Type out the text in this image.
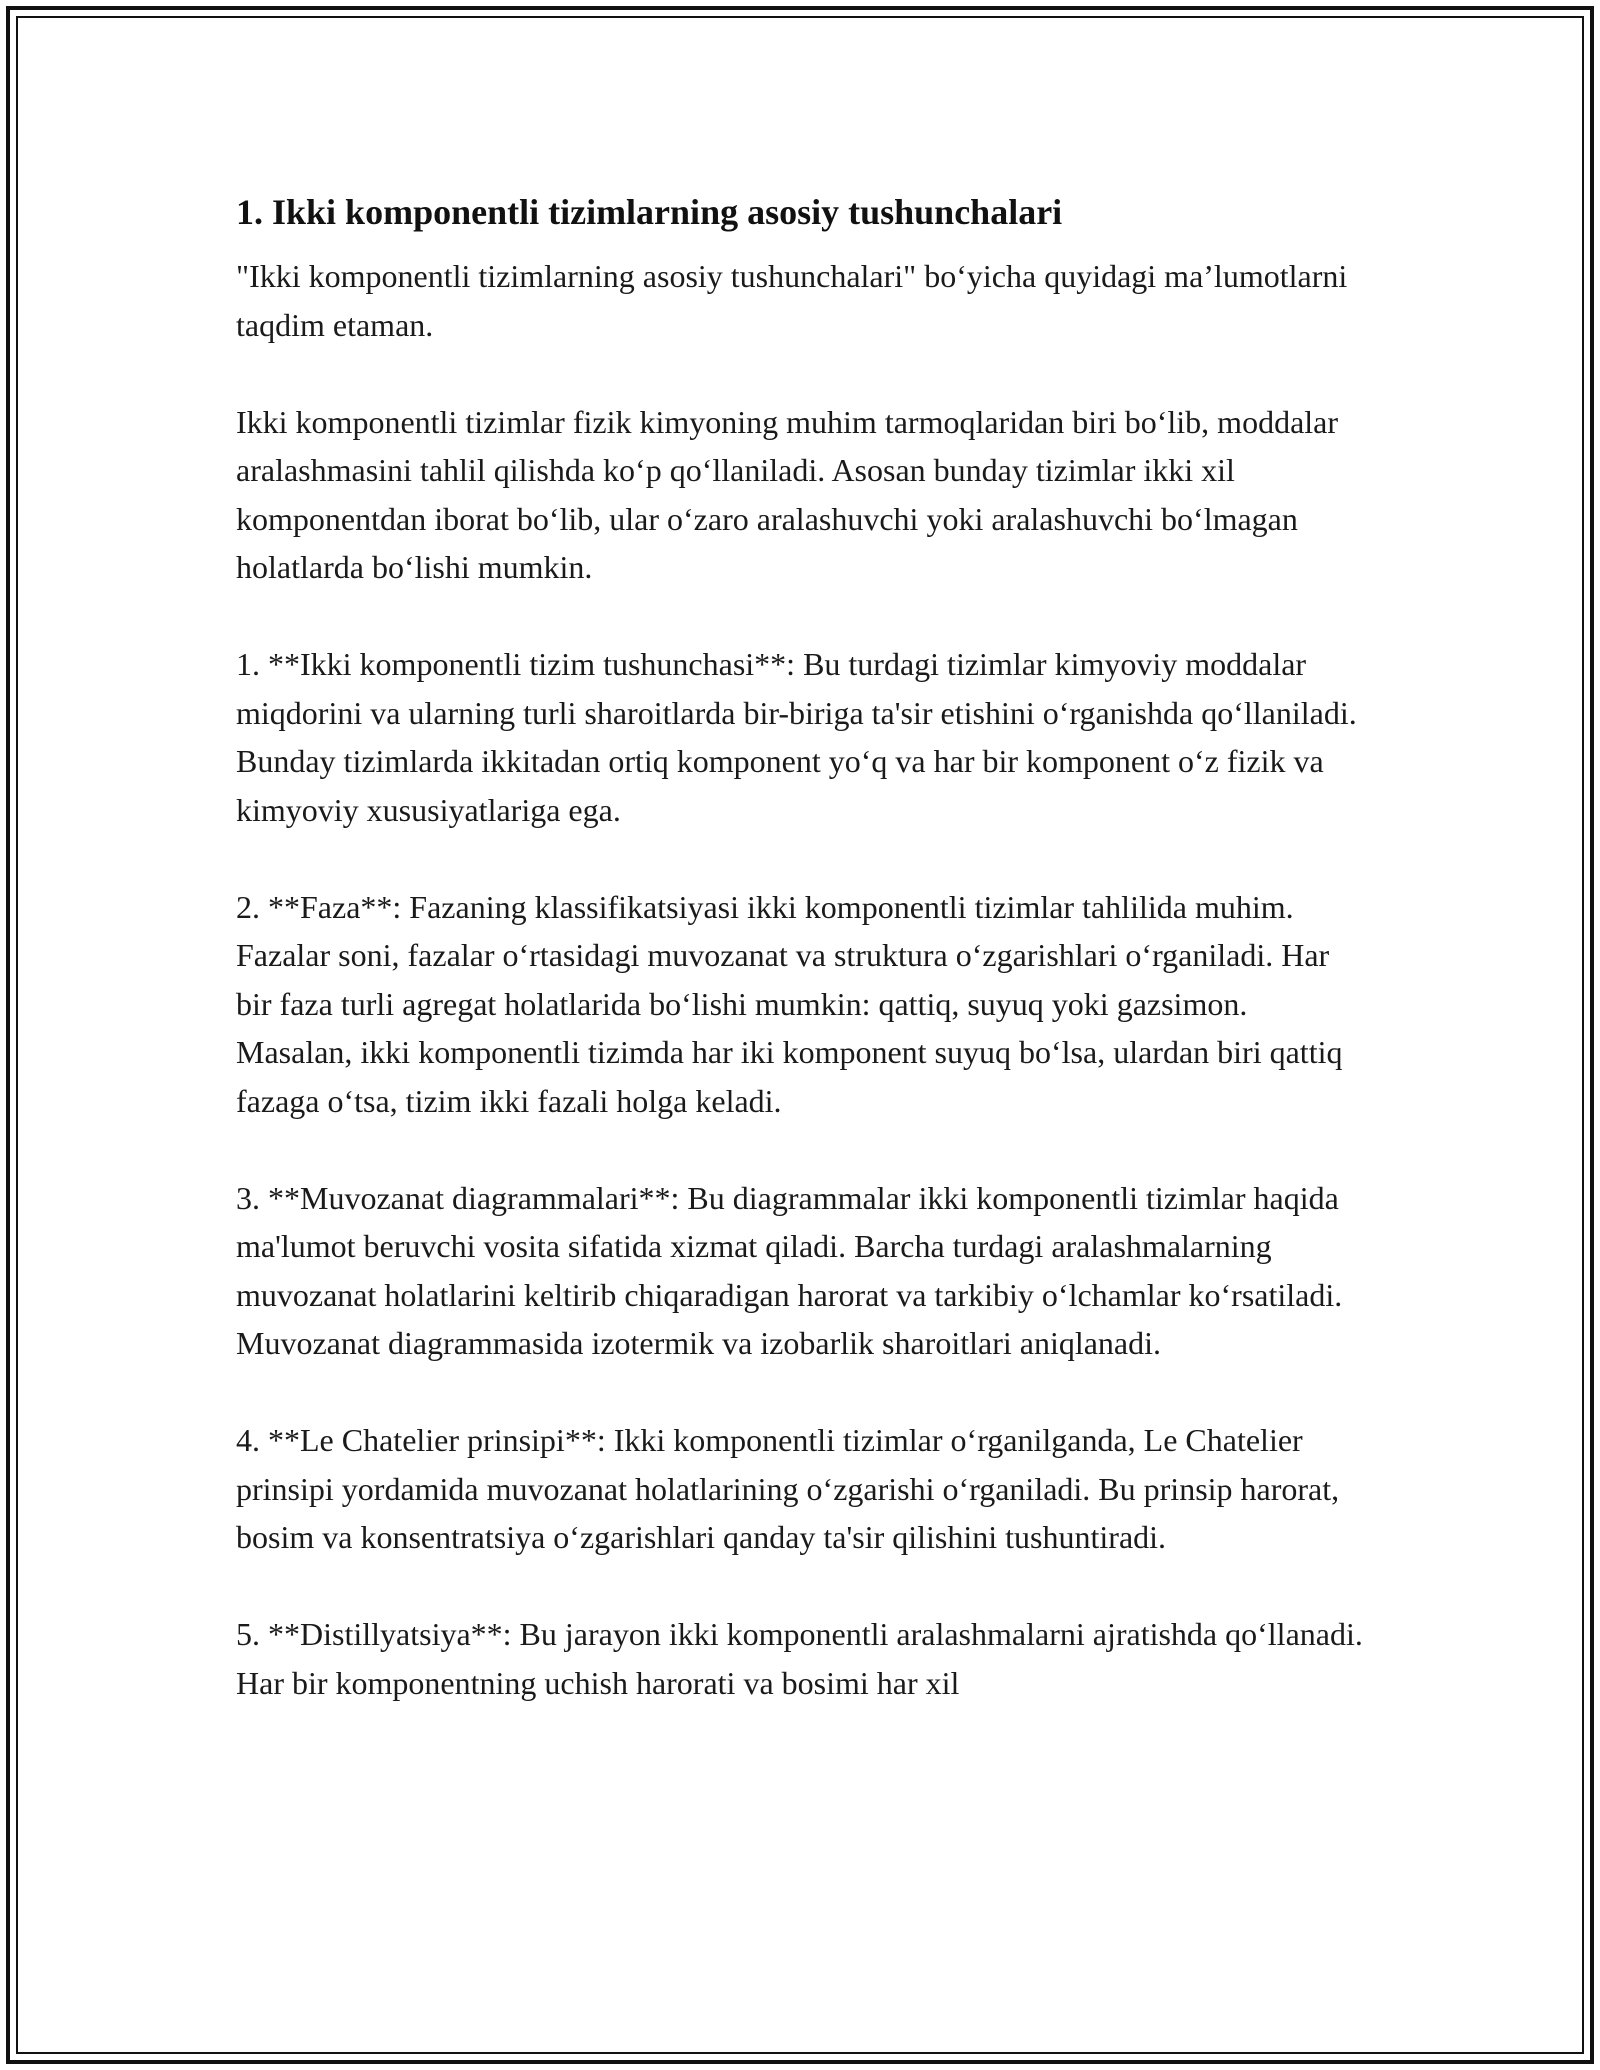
1. Ikki komponentli tizimlarning asosiy tushunchalari

"Ikki komponentli tizimlarning asosiy tushunchalari" bo‘yicha quyidagi ma’lumotlarni taqdim etaman.

Ikki komponentli tizimlar fizik kimyoning muhim tarmoqlaridan biri bo‘lib, moddalar aralashmasini tahlil qilishda ko‘p qo‘llaniladi. Asosan bunday tizimlar ikki xil komponentdan iborat bo‘lib, ular o‘zaro aralashuvchi yoki aralashuvchi bo‘lmagan holatlarda bo‘lishi mumkin.

1. **Ikki komponentli tizim tushunchasi**: Bu turdagi tizimlar kimyoviy moddalar miqdorini va ularning turli sharoitlarda bir-biriga ta'sir etishini o‘rganishda qo‘llaniladi. Bunday tizimlarda ikkitadan ortiq komponent yo‘q va har bir komponent o‘z fizik va kimyoviy xususiyatlariga ega.

2. **Faza**: Fazaning klassifikatsiyasi ikki komponentli tizimlar tahlilida muhim. Fazalar soni, fazalar o‘rtasidagi muvozanat va struktura o‘zgarishlari o‘rganiladi. Har bir faza turli agregat holatlarida bo‘lishi mumkin: qattiq, suyuq yoki gazsimon. Masalan, ikki komponentli tizimda har iki komponent suyuq bo‘lsa, ulardan biri qattiq fazaga o‘tsa, tizim ikki fazali holga keladi.

3. **Muvozanat diagrammalari**: Bu diagrammalar ikki komponentli tizimlar haqida ma'lumot beruvchi vosita sifatida xizmat qiladi. Barcha turdagi aralashmalarning muvozanat holatlarini keltirib chiqaradigan harorat va tarkibiy o‘lchamlar ko‘rsatiladi. Muvozanat diagrammasida izotermik va izobarlik sharoitlari aniqlanadi.

4. **Le Chatelier prinsipi**: Ikki komponentli tizimlar o‘rganilganda, Le Chatelier prinsipi yordamida muvozanat holatlarining o‘zgarishi o‘rganiladi. Bu prinsip harorat, bosim va konsentratsiya o‘zgarishlari qanday ta'sir qilishini tushuntiradi.

5. **Distillyatsiya**: Bu jarayon ikki komponentli aralashmalarni ajratishda qo‘llanadi. Har bir komponentning uchish harorati va bosimi har xil
